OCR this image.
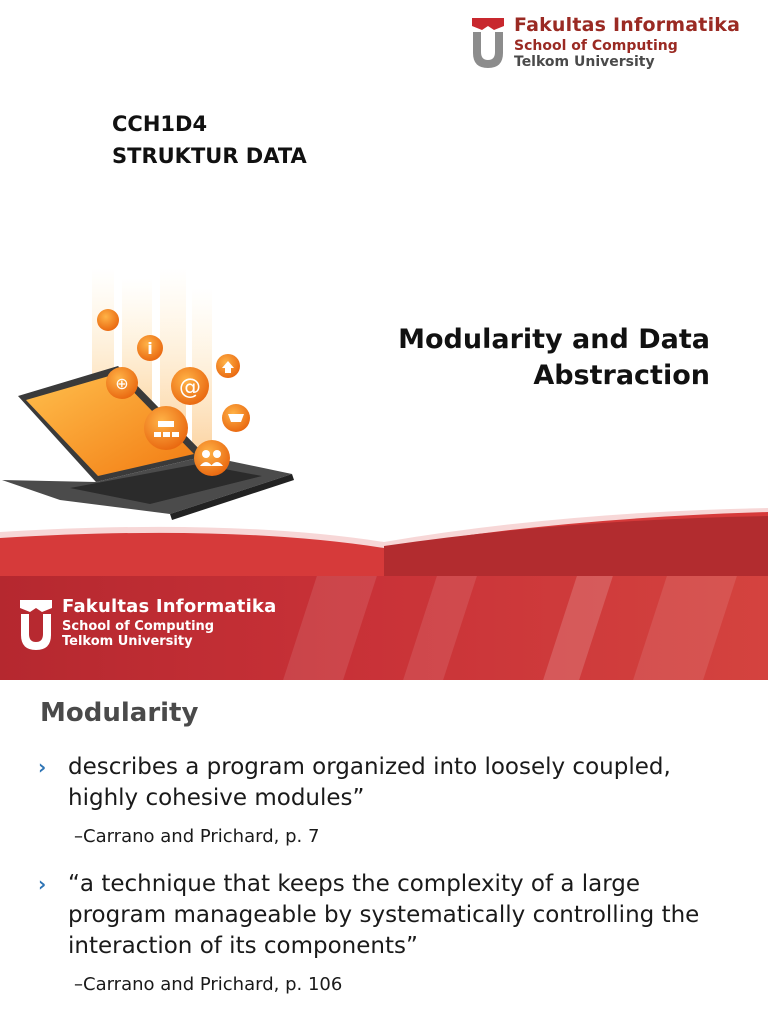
Fakultas Informatika
School of Computing
Telkom University
CCH1D4
STRUKTUR DATA
Modularity and Data
Abstraction
i
@
⊕
Fakultas Informatika
School of Computing
Telkom University
Modularity
› describes a program organized into loosely coupled, highly cohesive modules”
–Carrano and Prichard, p. 7
› “a technique that keeps the complexity of a large program manageable by systematically controlling the interaction of its components”
–Carrano and Prichard, p. 106
